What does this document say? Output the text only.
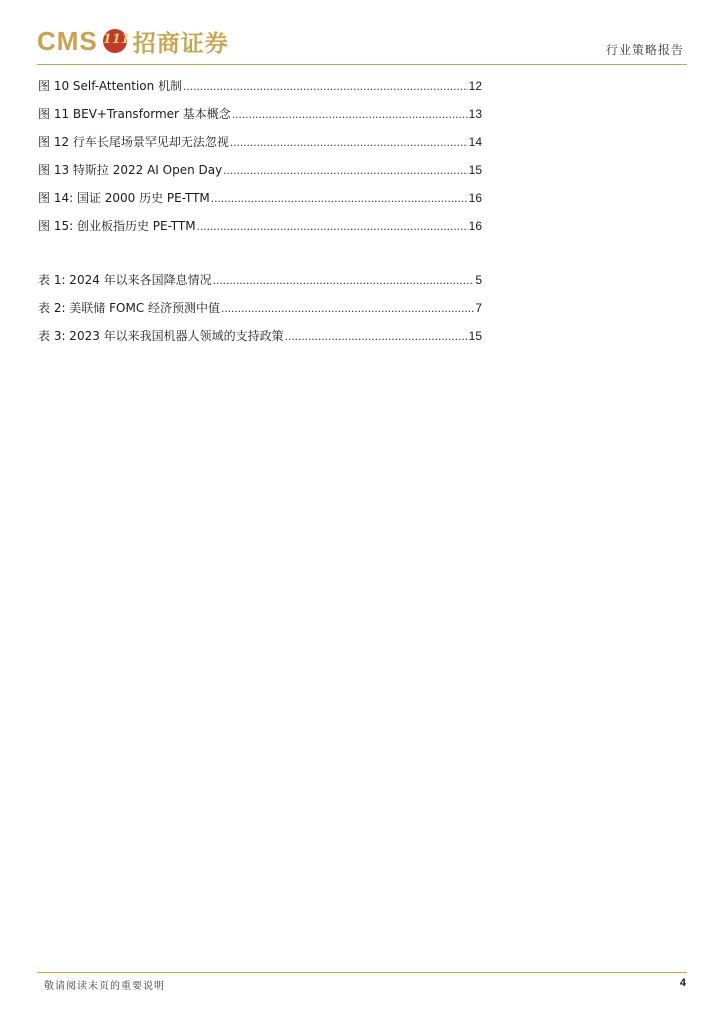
CMS 111 招商证券	行业策略报告
图 10 Self-Attention 机制 .....	12
图 11 BEV+Transformer 基本概念 .....	13
图 12 行车长尾场景罕见却无法忽视 .....	14
图 13 特斯拉 2022 AI Open Day .....	15
图 14: 国证 2000 历史 PE-TTM .....	16
图 15: 创业板指历史 PE-TTM .....	16
表 1: 2024 年以来各国降息情况 .....	5
表 2: 美联储 FOMC 经济预测中值 .....	7
表 3: 2023 年以来我国机器人领域的支持政策 .....	15
敬请阅读末页的重要说明	4
